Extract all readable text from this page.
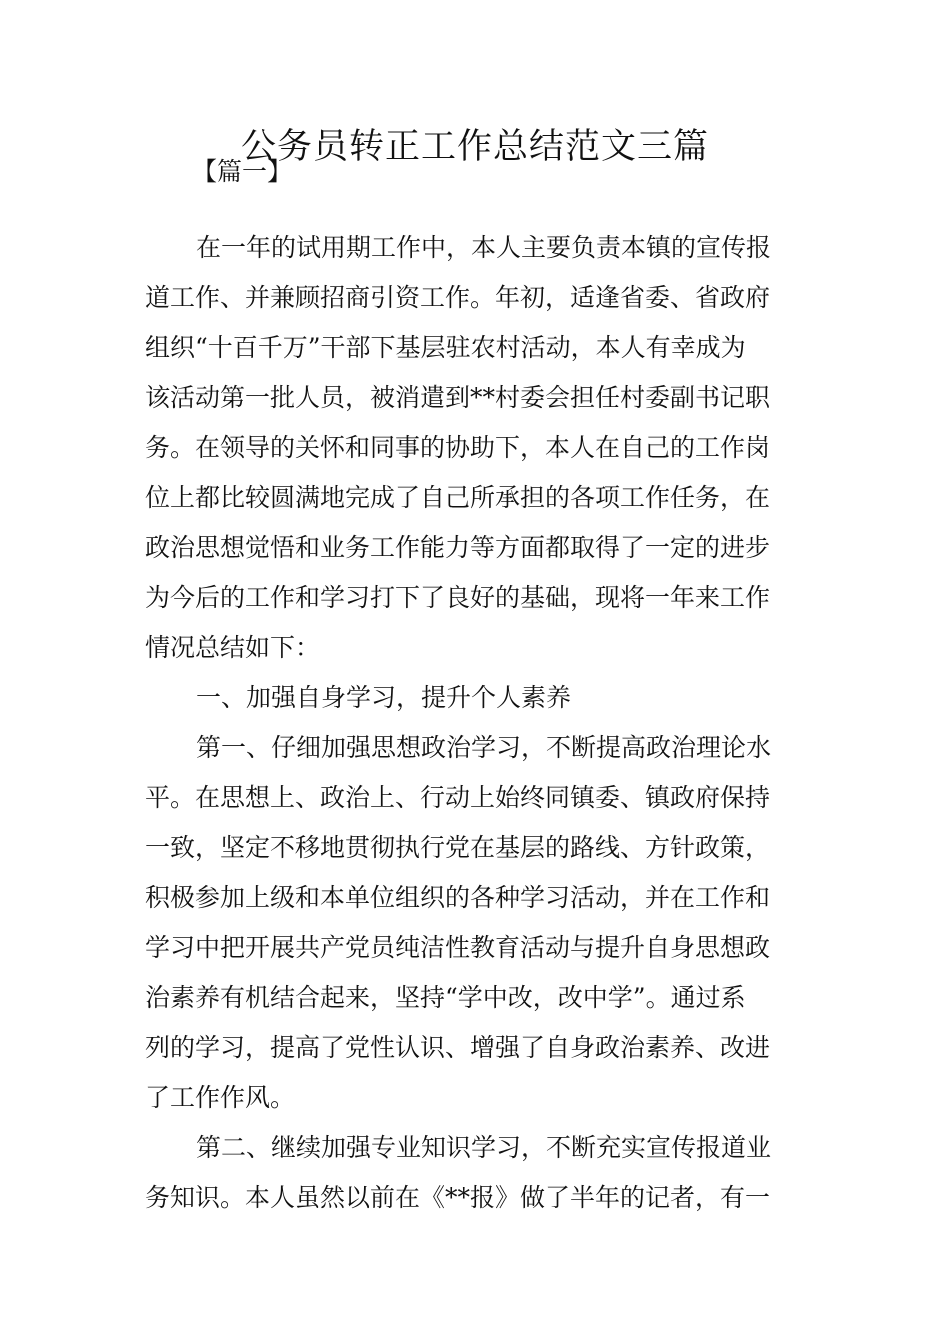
公务员转正工作总结范文三篇
【篇一】
在一年的试用期工作中，本人主要负责本镇的宣传报
道工作、并兼顾招商引资工作。年初，适逢省委、省政府
组织“十百千万”干部下基层驻农村活动，本人有幸成为
该活动第一批人员，被消遣到**村委会担任村委副书记职
务。在领导的关怀和同事的协助下，本人在自己的工作岗
位上都比较圆满地完成了自己所承担的各项工作任务，在
政治思想觉悟和业务工作能力等方面都取得了一定的进步
为今后的工作和学习打下了良好的基础，现将一年来工作
情况总结如下：
一、加强自身学习，提升个人素养
第一、仔细加强思想政治学习，不断提高政治理论水
平。在思想上、政治上、行动上始终同镇委、镇政府保持
一致，坚定不移地贯彻执行党在基层的路线、方针政策，
积极参加上级和本单位组织的各种学习活动，并在工作和
学习中把开展共产党员纯洁性教育活动与提升自身思想政
治素养有机结合起来，坚持“学中改，改中学”。通过系
列的学习，提高了党性认识、增强了自身政治素养、改进
了工作作风。
第二、继续加强专业知识学习，不断充实宣传报道业
务知识。本人虽然以前在《**报》做了半年的记者，有一
